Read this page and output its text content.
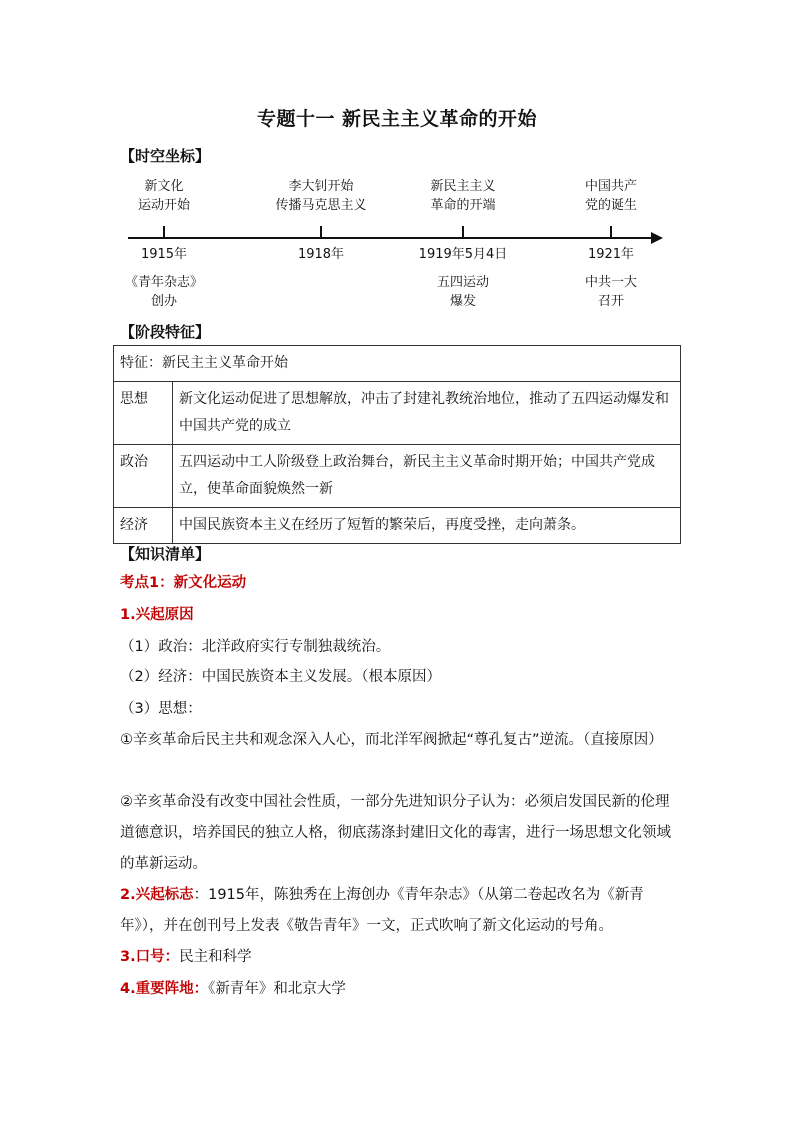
专题十一 新民主主义革命的开始
【时空坐标】
新文化
运动开始
1915年
《青年杂志》
创办
李大钊开始
传播马克思主义
1918年
新民主主义
革命的开端
1919年5月4日
五四运动
爆发
中国共产
党的诞生
1921年
中共一大
召开
【阶段特征】
特征：新民主主义革命开始	
思想	新文化运动促进了思想解放，冲击了封建礼教统治地位，推动了五四运动爆发和中国共产党的成立
政治	五四运动中工人阶级登上政治舞台，新民主主义革命时期开始；中国共产党成立，使革命面貌焕然一新
经济	中国民族资本主义在经历了短暂的繁荣后，再度受挫，走向萧条。
【知识清单】
考点1：新文化运动
1.兴起原因
（1）政治：北洋政府实行专制独裁统治。
（2）经济：中国民族资本主义发展。（根本原因）
（3）思想：
①辛亥革命后民主共和观念深入人心，而北洋军阀掀起“尊孔复古”逆流。（直接原因）
②辛亥革命没有改变中国社会性质，一部分先进知识分子认为：必须启发国民新的伦理道德意识，培养国民的独立人格，彻底荡涤封建旧文化的毒害，进行一场思想文化领域的革新运动。
2.兴起标志：1915年，陈独秀在上海创办《青年杂志》（从第二卷起改名为《新青年》），并在创刊号上发表《敬告青年》一文，正式吹响了新文化运动的号角。
3.口号：民主和科学
4.重要阵地：《新青年》和北京大学
